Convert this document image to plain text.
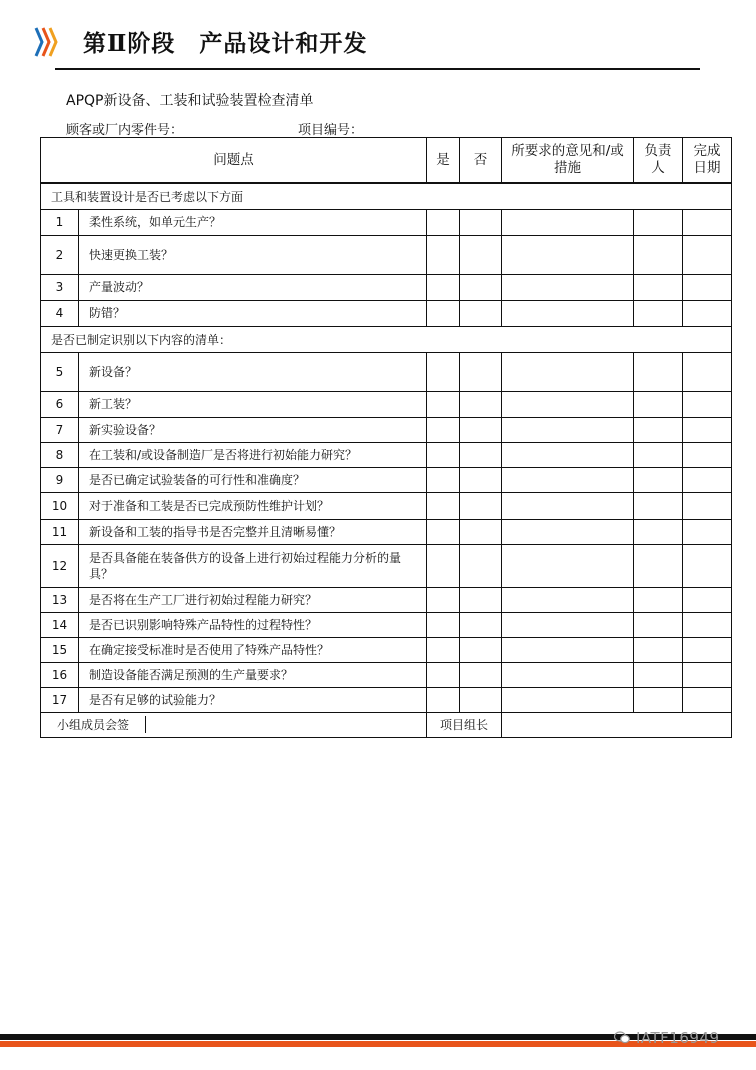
第Ⅱ阶段　产品设计和开发
APQP新设备、工装和试验装置检查清单
顾客或厂内零件号：	项目编号：
问题点		是	否	所要求的意见和/或措施	负责人	完成日期
工具和装置设计是否已考虑以下方面						
1	柔性系统，如单元生产？					
2	快速更换工装？					
3	产量波动？					
4	防错？					
是否已制定识别以下内容的清单：						
5	新设备？					
6	新工装？					
7	新实验设备？					
8	在工装和/或设备制造厂是否将进行初始能力研究？					
9	是否已确定试验装备的可行性和准确度？					
10	对于准备和工装是否已完成预防性维护计划？					
11	新设备和工装的指导书是否完整并且清晰易懂？					
12	是否具备能在装备供方的设备上进行初始过程能力分析的量具？					
13	是否将在生产工厂进行初始过程能力研究？					
14	是否已识别影响特殊产品特性的过程特性？					
15	在确定接受标准时是否使用了特殊产品特性？					
16	制造设备能否满足预测的生产量要求？					
17	是否有足够的试验能力？					

小组成员会签		项目组长				
IATF16949
